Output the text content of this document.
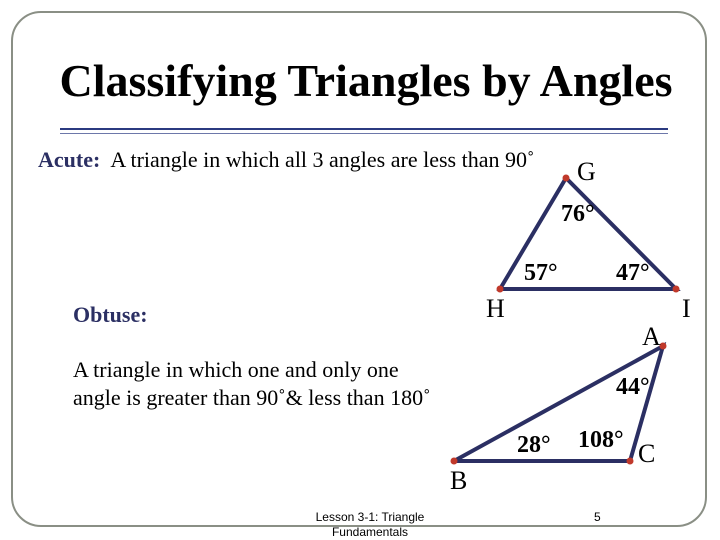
Classifying Triangles by Angles
Acute: A triangle in which all 3 angles are less than 90˚
Obtuse:
A triangle in which one and only one
angle is greater than 90˚& less than 180˚
G
H	I
76°
57° 47°
A
B
C
44°
28° 108°
Lesson 3-1: Triangle
Fundamentals
5
